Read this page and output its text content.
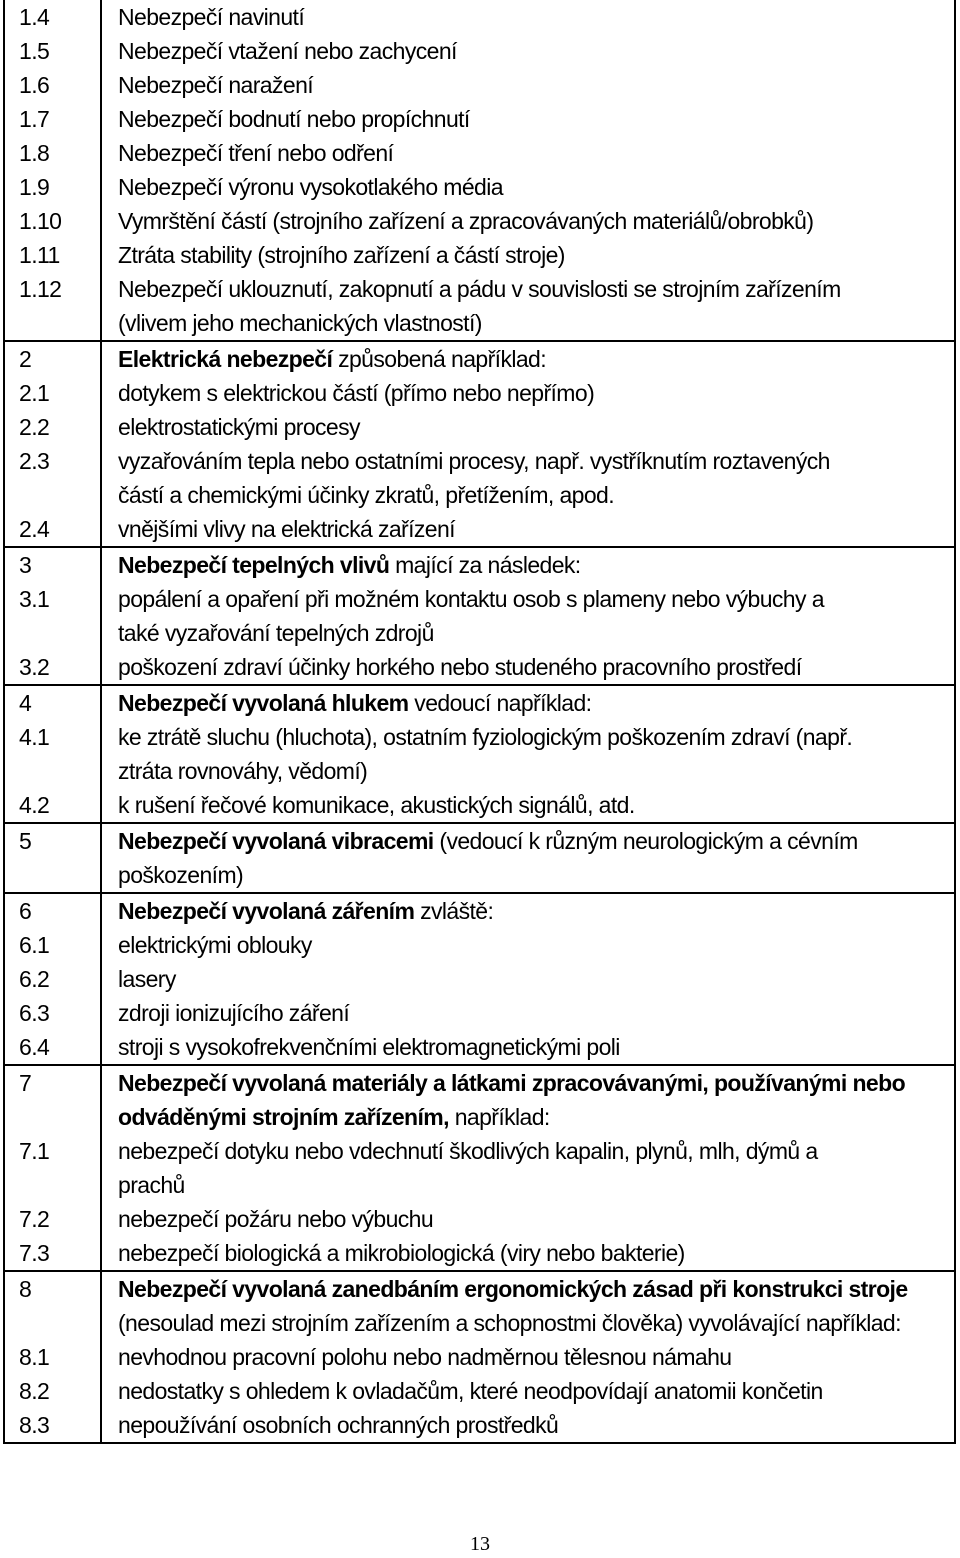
1.4	Nebezpečí navinutí

1.5	Nebezpečí vtažení nebo zachycení

1.6	Nebezpečí naražení

1.7	Nebezpečí bodnutí nebo propíchnutí

1.8	Nebezpečí tření nebo odření

1.9	Nebezpečí výronu vysokotlakého média

1.10	Vymrštění částí (strojního zařízení a zpracovávaných materiálů/obrobků)

1.11	Ztráta stability (strojního zařízení a částí stroje)

1.12	Nebezpečí uklouznutí, zakopnutí a pádu v souvislosti se strojním zařízením
(vlivem jeho mechanických vlastností)

2	Elektrická nebezpečí způsobená například:
2.1	dotykem s elektrickou částí (přímo nebo nepřímo)

2.2	elektrostatickými procesy

2.3	vyzařováním tepla nebo ostatními procesy, např. vystříknutím roztavených
částí a chemickými účinky zkratů, přetížením, apod.

2.4	vnějšími vlivy na elektrická zařízení

3	Nebezpečí tepelných vlivů mající za následek:
3.1	popálení a opaření při možném kontaktu osob s plameny nebo výbuchy a
také vyzařování tepelných zdrojů

3.2	poškození zdraví účinky horkého nebo studeného pracovního prostředí

4	Nebezpečí vyvolaná hlukem vedoucí například:
4.1	ke ztrátě sluchu (hluchota), ostatním fyziologickým poškozením zdraví (např.
ztráta rovnováhy, vědomí)

4.2	k rušení řečové komunikace, akustických signálů, atd.

5	Nebezpečí vyvolaná vibracemi (vedoucí k různým neurologickým a cévním poškozením)
6	Nebezpečí vyvolaná zářením zvláště:
6.1	elektrickými oblouky

6.2	lasery

6.3	zdroji ionizujícího záření

6.4	stroji s vysokofrekvenčními elektromagnetickými poli

7	Nebezpečí vyvolaná materiály a látkami zpracovávanými, používanými nebo odváděnými strojním zařízením, například:
7.1	nebezpečí dotyku nebo vdechnutí škodlivých kapalin, plynů, mlh, dýmů a
prachů

7.2	nebezpečí požáru nebo výbuchu

7.3	nebezpečí biologická a mikrobiologická (viry nebo bakterie)

8	Nebezpečí vyvolaná zanedbáním ergonomických zásad při konstrukci stroje (nesoulad mezi strojním zařízením a schopnostmi člověka) vyvolávající například:
8.1	nevhodnou pracovní polohu nebo nadměrnou tělesnou námahu

8.2	nedostatky s ohledem k ovladačům, které neodpovídají anatomii končetin

8.3	nepoužívání osobních ochranných prostředků
13
